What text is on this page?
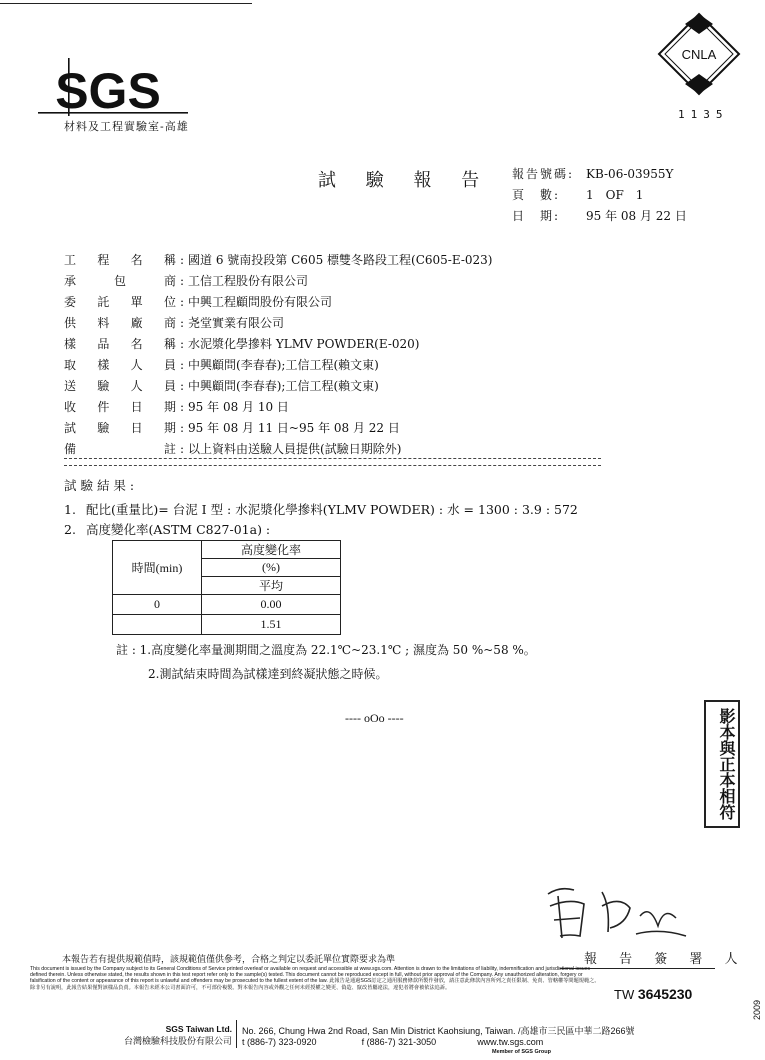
SGS
材料及工程實驗室-高雄
CNLA
1135
試 驗 報 告 報告號碼: KB-06-03955Y
頁　數:	1　OF　1
日　期:	95 年 08 月 22 日
工 程 名 稱 : 國道 6 號南投段第 C605 標雙冬路段工程(C605-E-023)
承	包	商 : 工信工程股份有限公司
委 託 單 位 : 中興工程顧問股份有限公司
供 料 廠 商 : 尧堂實業有限公司
樣 品 名 稱 : 水泥漿化學摻料 YLMV POWDER(E-020)
取 樣 人 員 : 中興顧問(李春春);工信工程(賴文東)
送 驗 人 員 : 中興顧問(李春春);工信工程(賴文東)
收 件 日 期 : 95 年 08 月 10 日
試 驗 日 期 : 95 年 08 月 11 日~95 年 08 月 22 日
備	註 : 以上資料由送驗人員提供(試驗日期除外)
試 驗 結 果 :
1. 配比(重量比)= 台泥 I 型 : 水泥漿化學摻料(YLMV POWDER) : 水 = 1300 : 3.9 : 572
2. 高度變化率(ASTM C827-01a) :
時間(min)	高度變化率
	(%)
	平均
0	0.00
	1.51
註 : 1.高度變化率量測期間之溫度為 22.1℃~23.1℃ ; 濕度為 50 %~58 %。
2.測試結束時間為試樣達到終凝狀態之時候。
---- oOo ----	影本與正本相符
報 告 簽 署 人
本報告若有提供規範值時，該規範值僅供參考，合格之判定以委託單位實際要求為準
This document is issued by the Company subject to its General Conditions of Service printed overleaf or available on request and accessible at www.sgs.com. Attention is drawn to the limitations of liability, indemnification and jurisdictional issues defined therein. Unless otherwise stated, the results shown in this test report refer only to the sample(s) tested. This document cannot be reproduced except in full, without prior approval of the Company. Any unauthorized alteration, forgery or falsification of the content or appearance of this report is unlawful and offenders may be prosecuted to the fullest extent of the law. 此報告是通過SGS訂定之通用服務條款所製作發放，請注意此條款內容所列之責任限制、免責、管轄權等問題規範之。除非另有說明，此報告結果僅對該樣品負責。本報告未經本公司書面許可，不可部份複製。對本報告內容或外觀之任何未經授權之變更、偽造、竄改皆屬違法，違犯者將會被依法追訴。	TW 3645230
2009
SGS Taiwan Ltd.
台灣檢驗科技股份有限公司
No. 266, Chung Hwa 2nd Road, San Min District Kaohsiung, Taiwan. /高雄市三民區中華二路266號
t (886-7) 323-0920	f (886-7) 321-3050	www.tw.sgs.com
Member of SGS Group
